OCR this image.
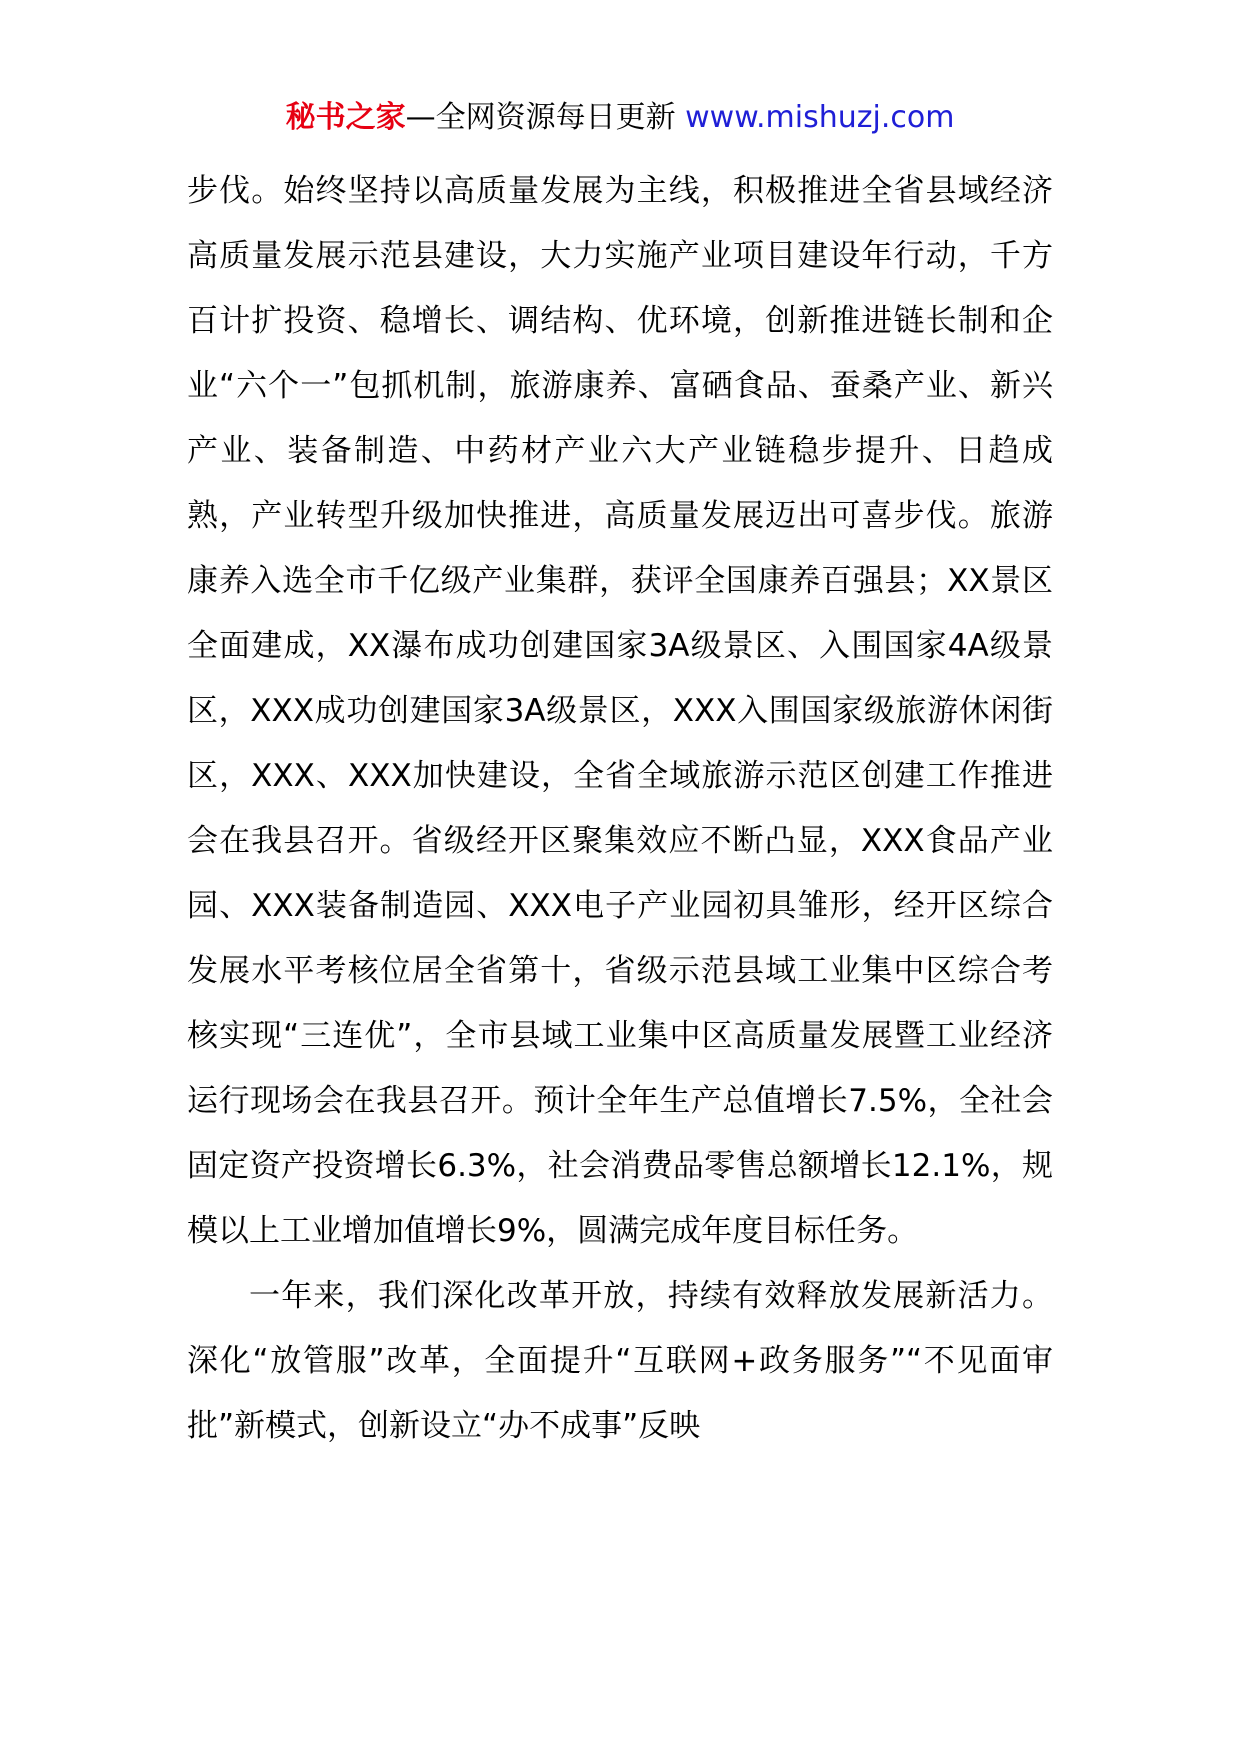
秘书之家—全网资源每日更新 www.mishuzj.com

步伐。始终坚持以高质量发展为主线，积极推进全省县域经济高质量发展示范县建设，大力实施产业项目建设年行动，千方百计扩投资、稳增长、调结构、优环境，创新推进链长制和企业“六个一”包抓机制，旅游康养、富硒食品、蚕桑产业、新兴产业、装备制造、中药材产业六大产业链稳步提升、日趋成熟，产业转型升级加快推进，高质量发展迈出可喜步伐。旅游康养入选全市千亿级产业集群，获评全国康养百强县；XX景区全面建成，XX瀑布成功创建国家3A级景区、入围国家4A级景区，XXX成功创建国家3A级景区，XXX入围国家级旅游休闲街区，XXX、XXX加快建设，全省全域旅游示范区创建工作推进会在我县召开。省级经开区聚集效应不断凸显，XXX食品产业园、XXX装备制造园、XXX电子产业园初具雏形，经开区综合发展水平考核位居全省第十，省级示范县域工业集中区综合考核实现“三连优”，全市县域工业集中区高质量发展暨工业经济运行现场会在我县召开。预计全年生产总值增长7.5%，全社会固定资产投资增长6.3%，社会消费品零售总额增长12.1%，规模以上工业增加值增长9%，圆满完成年度目标任务。

一年来，我们深化改革开放，持续有效释放发展新活力。深化“放管服”改革，全面提升“互联网+政务服务”“不见面审批”新模式，创新设立“办不成事”反映
